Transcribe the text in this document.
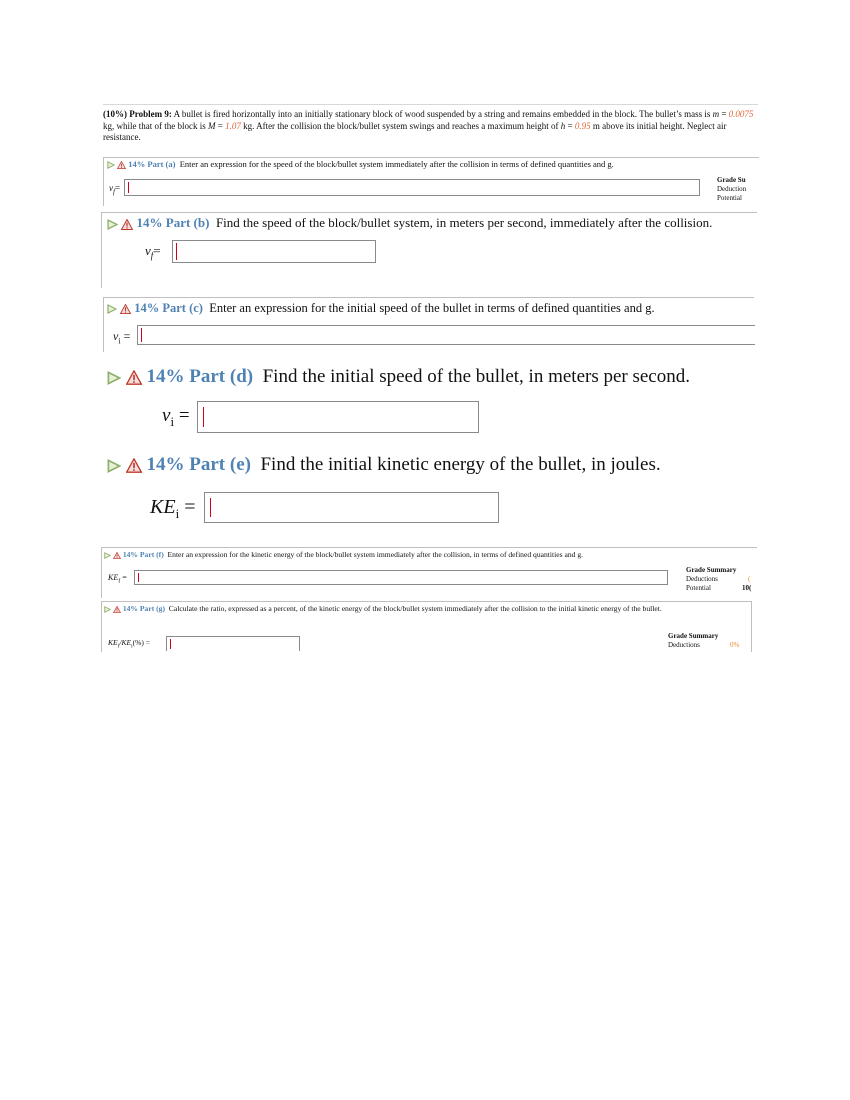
(10%) Problem 9: A bullet is fired horizontally into an initially stationary block of wood suspended by a string and remains embedded in the block. The bullet’s mass is m = 0.0075 kg, while that of the block is M = 1.07 kg. After the collision the block/bullet system swings and reaches a maximum height of h = 0.95 m above its initial height. Neglect air resistance.
14% Part (a) Enter an expression for the speed of the block/bullet system immediately after the collision in terms of defined quantities and g.
$v_f=$
Grade Su
Deduction
Potential
14% Part (b) Find the speed of the block/bullet system, in meters per second, immediately after the collision.
$v_f=$
14% Part (c) Enter an expression for the initial speed of the bullet in terms of defined quantities and g.
$v_i$ =
14% Part (d) Find the initial speed of the bullet, in meters per second.
$v_i$ =
14% Part (e) Find the initial kinetic energy of the bullet, in joules.
$KE_i$ =
14% Part (f) Enter an expression for the kinetic energy of the block/bullet system immediately after the collision, in terms of defined quantities and g.
$KE_f$ =
Grade Summary
Deductions	(

Potential	10(
14% Part (g) Calculate the ratio, expressed as a percent, of the kinetic energy of the block/bullet system immediately after the collision to the initial kinetic energy of the bullet.
$KE_f/KE_i(\%)$ =
Grade Summary
Deductions	0%
